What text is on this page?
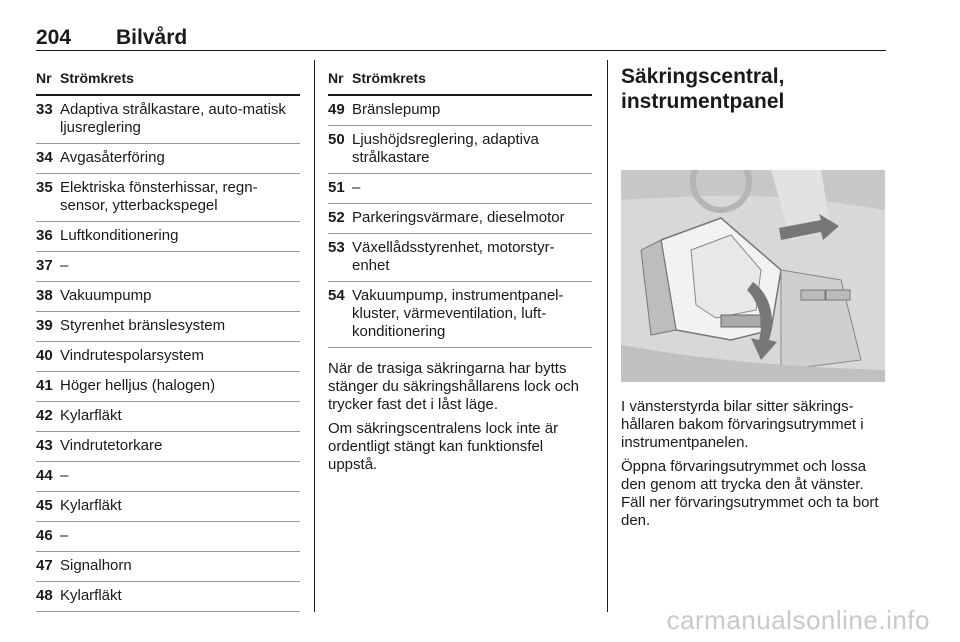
204 Bilvård
Nr Strömkrets
33 Adaptiva strålkastare, auto-matisk ljusreglering
34 Avgasåterföring
35 Elektriska fönsterhissar, regn-sensor, ytterbackspegel
36 Luftkonditionering
37 –
38 Vakuumpump
39 Styrenhet bränslesystem
40 Vindrutespolarsystem
41 Höger helljus (halogen)
42 Kylarfläkt
43 Vindrutetorkare
44 –
45 Kylarfläkt
46 –
47 Signalhorn
48 Kylarfläkt
Nr Strömkrets
49 Bränslepump
50 Ljushöjdsreglering, adaptiva strålkastare
51 –
52 Parkeringsvärmare, dieselmotor
53 Växellådsstyrenhet, motorstyr-enhet
54 Vakuumpump, instrumentpanel-kluster, värmeventilation, luft-konditionering

När de trasiga säkringarna har bytts stänger du säkringshållarens lock och trycker fast det i låst läge.

Om säkringscentralens lock inte är ordentligt stängt kan funktionsfel uppstå.

Säkringscentral, instrumentpanel

I vänsterstyrda bilar sitter säkrings-hållaren bakom förvaringsutrymmet i instrumentpanelen.

Öppna förvaringsutrymmet och lossa den genom att trycka den åt vänster. Fäll ner förvaringsutrymmet och ta bort den.

carmanualsonline.info
